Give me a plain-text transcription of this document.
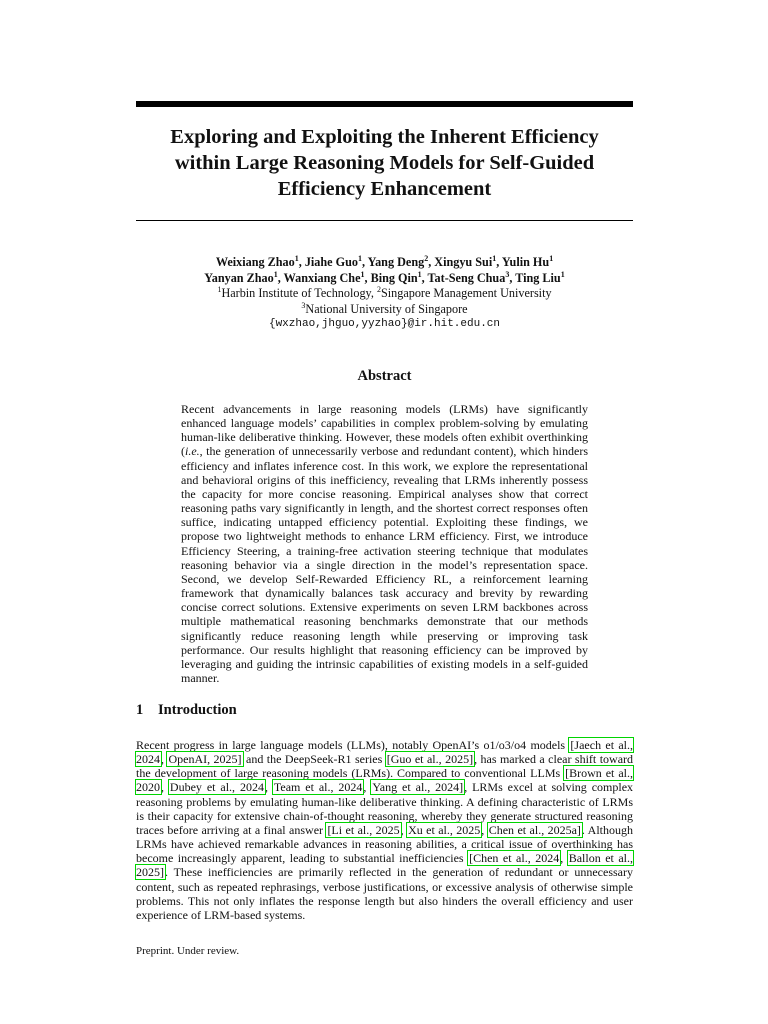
Exploring and Exploiting the Inherent Efficiency
within Large Reasoning Models for Self-Guided
Efficiency Enhancement
Weixiang Zhao$^1$, Jiahe Guo$^1$, Yang Deng$^2$, Xingyu Sui$^1$, Yulin Hu$^1$
Yanyan Zhao$^1$, Wanxiang Che$^1$, Bing Qin$^1$, Tat-Seng Chua$^3$, Ting Liu$^1$
$^1$Harbin Institute of Technology, $^2$Singapore Management University
$^3$National University of Singapore
{wxzhao,jhguo,yyzhao}@ir.hit.edu.cn
Abstract
Recent advancements in large reasoning models (LRMs) have significantly enhanced language models’ capabilities in complex problem-solving by emulating human-like deliberative thinking. However, these models often exhibit overthinking (i.e., the generation of unnecessarily verbose and redundant content), which hinders efficiency and inflates inference cost. In this work, we explore the representational and behavioral origins of this inefficiency, revealing that LRMs inherently possess the capacity for more concise reasoning. Empirical analyses show that correct reasoning paths vary significantly in length, and the shortest correct responses often suffice, indicating untapped efficiency potential. Exploiting these findings, we propose two lightweight methods to enhance LRM efficiency. First, we introduce Efficiency Steering, a training-free activation steering technique that modulates reasoning behavior via a single direction in the model’s representation space. Second, we develop Self-Rewarded Efficiency RL, a reinforcement learning framework that dynamically balances task accuracy and brevity by rewarding concise correct solutions. Extensive experiments on seven LRM backbones across multiple mathematical reasoning benchmarks demonstrate that our methods significantly reduce reasoning length while preserving or improving task performance. Our results highlight that reasoning efficiency can be improved by leveraging and guiding the intrinsic capabilities of existing models in a self-guided manner.
1 Introduction
Recent progress in large language models (LLMs), notably OpenAI’s o1/o3/o4 models [Jaech et al., 2024, OpenAI, 2025] and the DeepSeek-R1 series [Guo et al., 2025], has marked a clear shift toward the development of large reasoning models (LRMs). Compared to conventional LLMs [Brown et al., 2020, Dubey et al., 2024, Team et al., 2024, Yang et al., 2024], LRMs excel at solving complex reasoning problems by emulating human-like deliberative thinking. A defining characteristic of LRMs is their capacity for extensive chain-of-thought reasoning, whereby they generate structured reasoning traces before arriving at a final answer [Li et al., 2025, Xu et al., 2025, Chen et al., 2025a]. Although LRMs have achieved remarkable advances in reasoning abilities, a critical issue of overthinking has become increasingly apparent, leading to substantial inefficiencies [Chen et al., 2024, Ballon et al., 2025]. These inefficiencies are primarily reflected in the generation of redundant or unnecessary content, such as repeated rephrasings, verbose justifications, or excessive analysis of otherwise simple problems. This not only inflates the response length but also hinders the overall efficiency and user experience of LRM-based systems.
Preprint. Under review.
